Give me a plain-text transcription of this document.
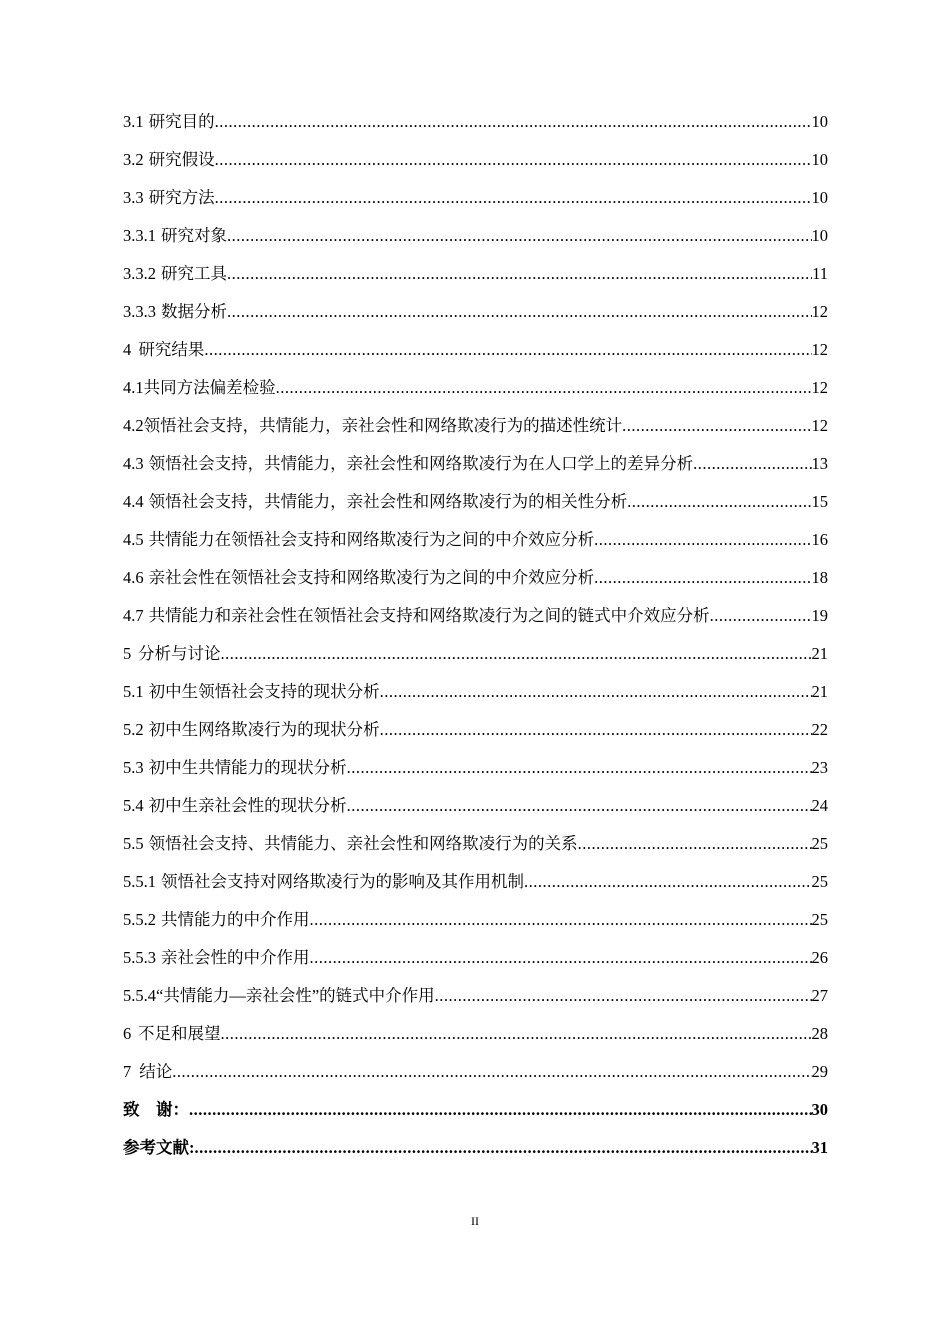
3.1 研究目的 .....	10
3.2 研究假设 .....	10
3.3 研究方法 .....	10
3.3.1 研究对象 .....	10
3.3.2 研究工具 .....	11
3.3.3 数据分析 .....	12
4 研究结果 .....	12
4.1 共同方法偏差检验 .....	12
4.2 领悟社会支持，共情能力，亲社会性和网络欺凌行为的描述性统计 .....	12
4.3 领悟社会支持，共情能力，亲社会性和网络欺凌行为在人口学上的差异分析 .....	13
4.4 领悟社会支持，共情能力，亲社会性和网络欺凌行为的相关性分析 .....	15
4.5 共情能力在领悟社会支持和网络欺凌行为之间的中介效应分析 .....	16
4.6 亲社会性在领悟社会支持和网络欺凌行为之间的中介效应分析 .....	18
4.7 共情能力和亲社会性在领悟社会支持和网络欺凌行为之间的链式中介效应分析 .....	19
5 分析与讨论 .....	21
5.1 初中生领悟社会支持的现状分析 .....	21
5.2 初中生网络欺凌行为的现状分析 .....	22
5.3 初中生共情能力的现状分析 .....	23
5.4 初中生亲社会性的现状分析 .....	24
5.5 领悟社会支持、共情能力、亲社会性和网络欺凌行为的关系 .....	25
5.5.1 领悟社会支持对网络欺凌行为的影响及其作用机制 .....	25
5.5.2 共情能力的中介作用 .....	25
5.5.3 亲社会性的中介作用 .....	26
5.5.4 “共情能力—亲社会性”的链式中介作用 .....	27
6 不足和展望 .....	28
7 结论 .....	29
致　谢： .....	30
参考文献: .....	31
II
